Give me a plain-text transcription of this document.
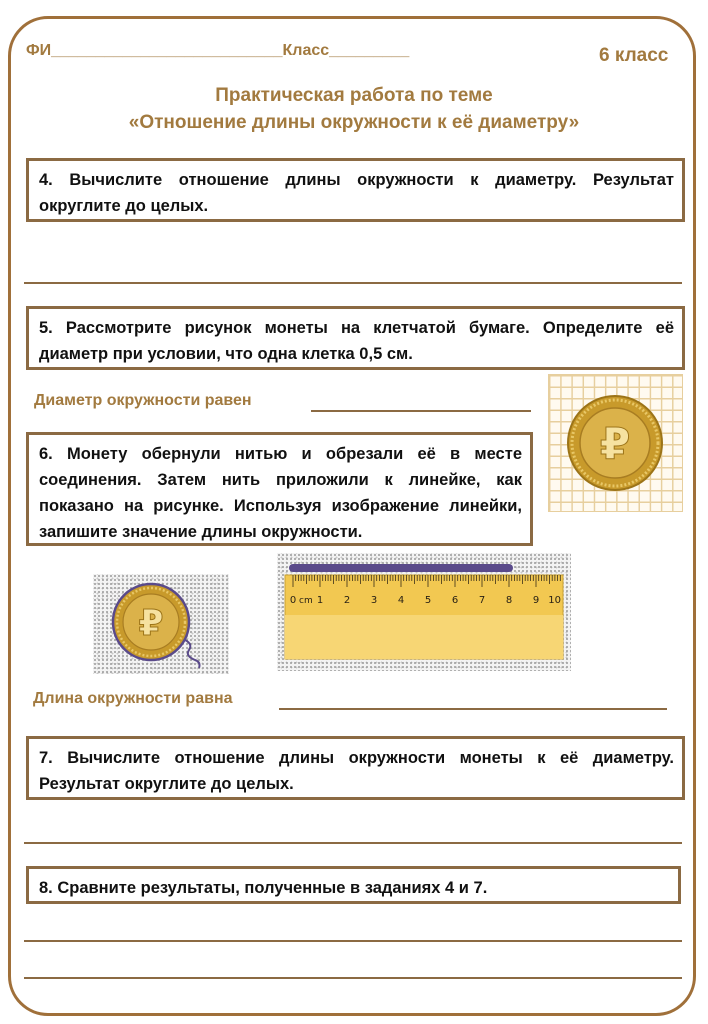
ФИ__________________________Класс_________	6 класс
Практическая работа по теме
«Отношение длины окружности к её диаметру»
4. Вычислите отношение длины окружности к диаметру. Результат округлите до целых.
5. Рассмотрите рисунок монеты на клетчатой бумаге. Определите её диаметр при условии, что одна клетка 0,5 см.
Диаметр окружности равен
₽
6. Монету обернули нитью и обрезали её в месте соединения. Затем нить приложили к линейке, как показано на рисунке. Используя изображение линейки, запишите значение длины окружности.
₽
0 1 2 3 4 5 6 7 8 9 10
cm
Длина окружности равна
7. Вычислите отношение длины окружности монеты к её диаметру. Результат округлите до целых.
8. Сравните результаты, полученные в заданиях 4 и 7.
